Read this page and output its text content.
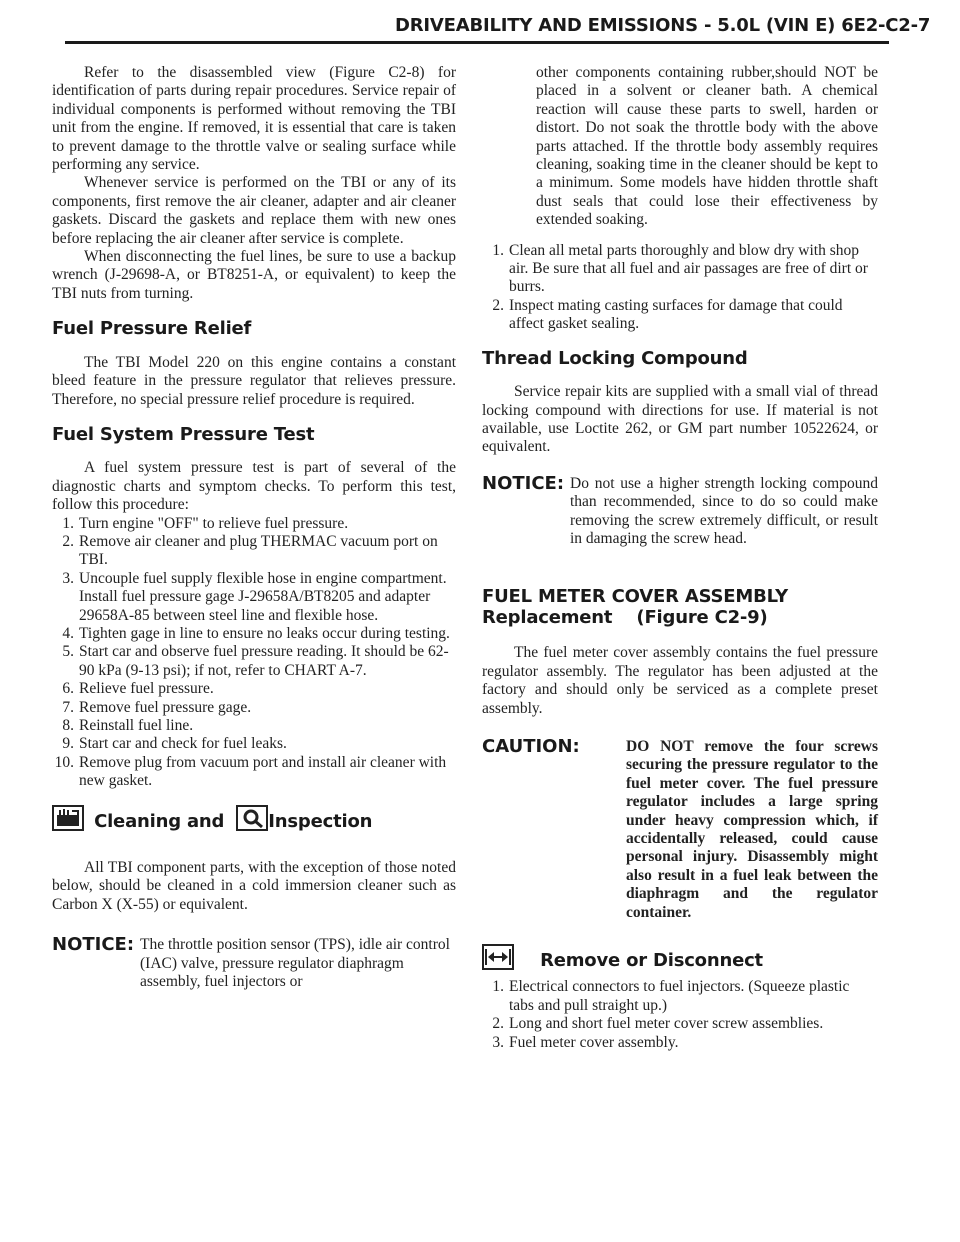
DRIVEABILITY AND EMISSIONS - 5.0L (VIN E) 6E2-C2-7

Refer to the disassembled view (Figure C2-8) for identification of parts during repair procedures. Service repair of individual components is performed without removing the TBI unit from the engine. If removed, it is essential that care is taken to prevent damage to the throttle valve or sealing surface while performing any service.

Whenever service is performed on the TBI or any of its components, first remove the air cleaner, adapter and air cleaner gaskets. Discard the gaskets and replace them with new ones before replacing the air cleaner after service is complete.

When disconnecting the fuel lines, be sure to use a backup wrench (J-29698-A, or BT8251-A, or equivalent) to keep the TBI nuts from turning.

Fuel Pressure Relief

The TBI Model 220 on this engine contains a constant bleed feature in the pressure regulator that relieves pressure. Therefore, no special pressure relief procedure is required.

Fuel System Pressure Test

A fuel system pressure test is part of several of the diagnostic charts and symptom checks. To perform this test, follow this procedure:

1. Turn engine "OFF" to relieve fuel pressure.
2. Remove air cleaner and plug THERMAC vacuum port on TBI.
3. Uncouple fuel supply flexible hose in engine compartment. Install fuel pressure gage J-29658A/BT8205 and adapter 29658A-85 between steel line and flexible hose.
4. Tighten gage in line to ensure no leaks occur during testing.
5. Start car and observe fuel pressure reading. It should be 62-90 kPa (9-13 psi); if not, refer to CHART A-7.
6. Relieve fuel pressure.
7. Remove fuel pressure gage.
8. Reinstall fuel line.
9. Start car and check for fuel leaks.
10. Remove plug from vacuum port and install air cleaner with new gasket.
Cleaning and Inspection

All TBI component parts, with the exception of those noted below, should be cleaned in a cold immersion cleaner such as Carbon X (X-55) or equivalent.

NOTICE: The throttle position sensor (TPS), idle air control (IAC) valve, pressure regulator diaphragm assembly, fuel injectors or

other components containing rubber,should NOT be placed in a solvent or cleaner bath. A chemical reaction will cause these parts to swell, harden or distort. Do not soak the throttle body with the above parts attached. If the throttle body assembly requires cleaning, soaking time in the cleaner should be kept to a minimum. Some models have hidden throttle shaft dust seals that could lose their effectiveness by extended soaking.

1. Clean all metal parts thoroughly and blow dry with shop air. Be sure that all fuel and air passages are free of dirt or burrs.
2. Inspect mating casting surfaces for damage that could affect gasket sealing.
Thread Locking Compound

Service repair kits are supplied with a small vial of thread locking compound with directions for use. If material is not available, use Loctite 262, or GM part number 10522624, or equivalent.

NOTICE: Do not use a higher strength locking compound than recommended, since to do so could make removing the screw extremely difficult, or result in damaging the screw head.

FUEL METER COVER ASSEMBLY
Replacement (Figure C2-9)

The fuel meter cover assembly contains the fuel pressure regulator assembly. The regulator has been adjusted at the factory and should only be serviced as a complete preset assembly.

CAUTION:	DO NOT remove the four screws securing the pressure regulator to the fuel meter cover. The fuel pressure regulator includes a large spring under heavy compression which, if accidentally released, could cause personal injury. Disassembly might also result in a fuel leak between the diaphragm and the regulator container.

Remove or Disconnect
1. Electrical connectors to fuel injectors. (Squeeze plastic tabs and pull straight up.)
2. Long and short fuel meter cover screw assemblies.
3. Fuel meter cover assembly.
